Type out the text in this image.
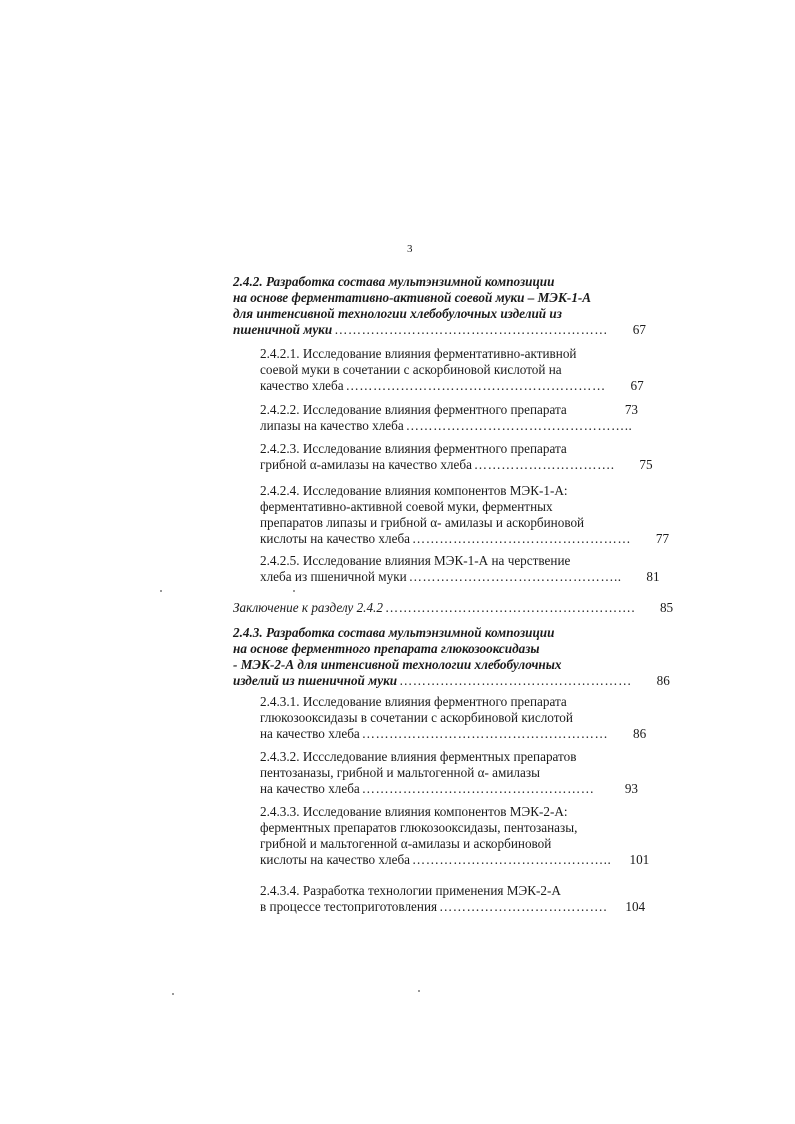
3
2.4.2. Разработка состава мультэнзимной композиции
на основе ферментативно-активной соевой муки – МЭК-1-А
для интенсивной технологии хлебобулочных изделий из
пшеничной муки ……………………………………………………	67
2.4.2.1. Исследование влияния ферментативно-активной
соевой муки в сочетании с аскорбиновой кислотой на
качество хлеба …………………………………………………	67
2.4.2.2. Исследование влияния ферментного препарата	73
липазы на качество хлеба …………………………………………..
2.4.2.3. Исследование влияния ферментного препарата
грибной α-амилазы на качество хлеба ………………………….	75
2.4.2.4. Исследование влияния компонентов МЭК-1-А:
ферментативно-активной соевой муки, ферментных
препаратов липазы и грибной α- амилазы и аскорбиновой
кислоты на качество хлеба …………………………………………	77
2.4.2.5. Исследование влияния МЭК-1-А на черствение
хлеба из пшеничной муки ………………………………………..	81
Заключение к разделу 2.4.2 ……………………………………………….	85
2.4.3. Разработка состава мультэнзимной композиции
на основе ферментного препарата глюкозооксидазы
- МЭК-2-А для интенсивной технологии хлебобулочных
изделий из пшеничной муки ……………………………………………	86
2.4.3.1. Исследование влияния ферментного препарата
глюкозооксидазы в сочетании с аскорбиновой кислотой
на качество хлеба ………………………………………………	86
2.4.3.2. Иссследование влияния ферментных препаратов
пентозаназы, грибной и мальтогенной α- амилазы
на качество хлеба ……………………………………………	93
2.4.3.3. Исследование влияния компонентов МЭК-2-А:
ферментных препаратов глюкозооксидазы, пентозаназы,
грибной и мальтогенной α-амилазы и аскорбиновой
кислоты на качество хлеба ……………………………………..	101
2.4.3.4. Разработка технологии применения МЭК-2-А
в процессе тестоприготовления ……………………………….	104
